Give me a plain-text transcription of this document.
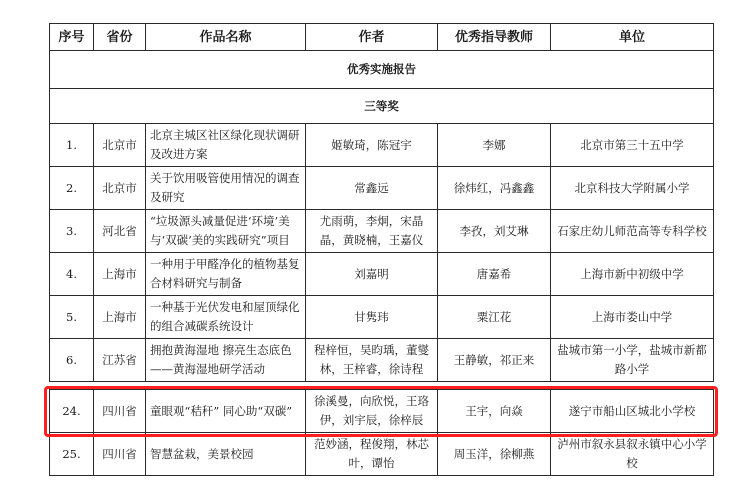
序号	省份	作品名称	作者	优秀指导教师	单位
优秀实施报告					
三等奖					
1.	北京市	北京主城区社区绿化现状调研及改进方案	姬敏琦，陈冠宇	李娜	北京市第三十五中学
2.	北京市	关于饮用吸管使用情况的调查及研究	常鑫远	徐炜红，冯鑫鑫	北京科技大学附属小学
3.	河北省	“垃圾源头减量促进‘环境’美与‘双碳’美的实践研究”项目	尤雨萌，李炯，宋晶晶，黄晓楠，王嘉仪	李孜，刘艾琳	石家庄幼儿师范高等专科学校
4.	上海市	一种用于甲醛净化的植物基复合材料研究与制备	刘嘉明	唐嘉希	上海市新中初级中学
5.	上海市	一种基于光伏发电和屋顶绿化的组合减碳系统设计	甘隽玮	粟江花	上海市娄山中学
6.	江苏省	拥抱黄海湿地 擦亮生态底色——黄海湿地研学活动	程梓恒，吴昀瑀，董燮林，王梓睿，徐诗程	王静敏，祁正来	盐城市第一小学，盐城市新都路小学

24.	四川省	童眼观“秸秆” 同心助“双碳”	徐溪曼，向欣悦，王珞伊，刘宇辰，徐梓辰	王宇，向焱	遂宁市船山区城北小学校
25.	四川省	智慧盆栽，美景校园	范妙涵，程俊翔，林芯叶，谭怡	周玉洋，徐柳燕	泸州市叙永县叙永镇中心小学校
